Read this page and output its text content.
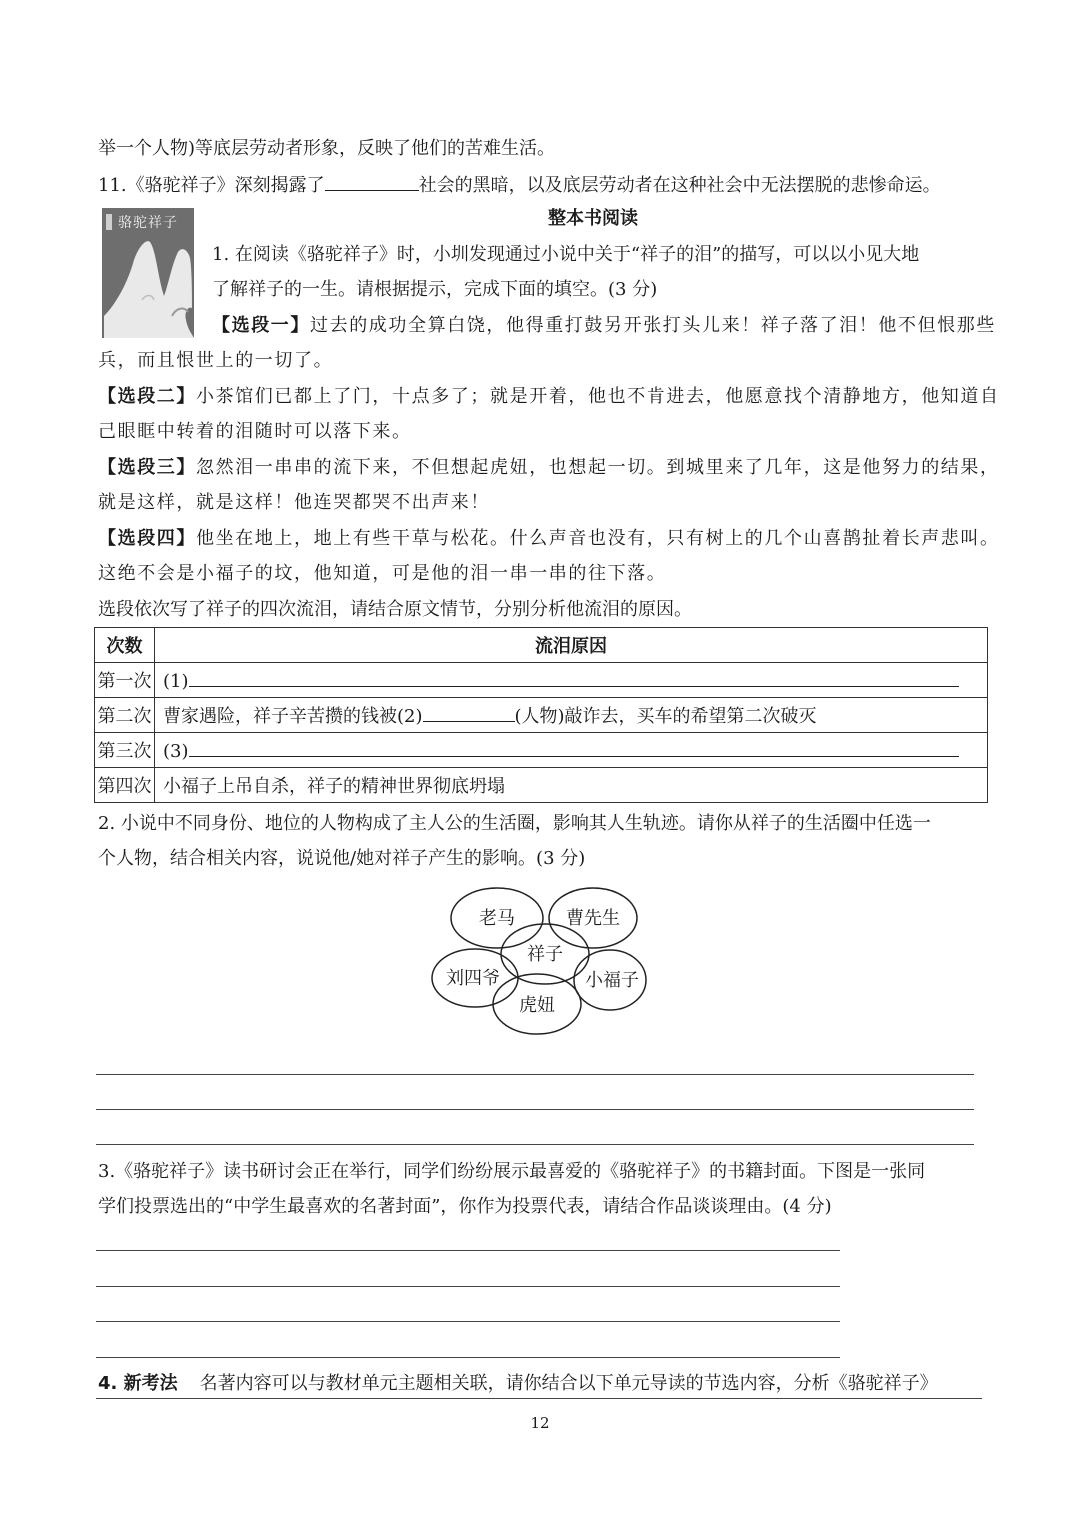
举一个人物)等底层劳动者形象，反映了他们的苦难生活。
11.《骆驼祥子》深刻揭露了	社会的黑暗，以及底层劳动者在这种社会中无法摆脱的悲惨命运。
骆驼祥子	整本书阅读
1. 在阅读《骆驼祥子》时，小圳发现通过小说中关于“祥子的泪”的描写，可以以小见大地
了解祥子的一生。请根据提示，完成下面的填空。(3 分)
【选段一】过去的成功全算白饶，他得重打鼓另开张打头儿来！祥子落了泪！他不但恨那些
兵，而且恨世上的一切了。
【选段二】小茶馆们已都上了门，十点多了；就是开着，他也不肯进去，他愿意找个清静地方，他知道自
己眼眶中转着的泪随时可以落下来。
【选段三】忽然泪一串串的流下来，不但想起虎妞，也想起一切。到城里来了几年，这是他努力的结果，
就是这样，就是这样！他连哭都哭不出声来！
【选段四】他坐在地上，地上有些干草与松花。什么声音也没有，只有树上的几个山喜鹊扯着长声悲叫。
这绝不会是小福子的坟，他知道，可是他的泪一串一串的往下落。
选段依次写了祥子的四次流泪，请结合原文情节，分别分析他流泪的原因。
次数	流泪原因
第一次	(1)
第二次	曹家遇险，祥子辛苦攒的钱被(2) (人物)敲诈去，买车的希望第二次破灭
第三次	(3)
第四次	小福子上吊自杀，祥子的精神世界彻底坍塌
2. 小说中不同身份、地位的人物构成了主人公的生活圈，影响其人生轨迹。请你从祥子的生活圈中任选一
个人物，结合相关内容，说说他/她对祥子产生的影响。(3 分)
老马	曹先生
祥子
刘四爷	小福子
虎妞
3.《骆驼祥子》读书研讨会正在举行，同学们纷纷展示最喜爱的《骆驼祥子》的书籍封面。下图是一张同
学们投票选出的“中学生最喜欢的名著封面”，你作为投票代表，请结合作品谈谈理由。(4 分)
4. 新考法 名著内容可以与教材单元主题相关联，请你结合以下单元导读的节选内容，分析《骆驼祥子》
12
